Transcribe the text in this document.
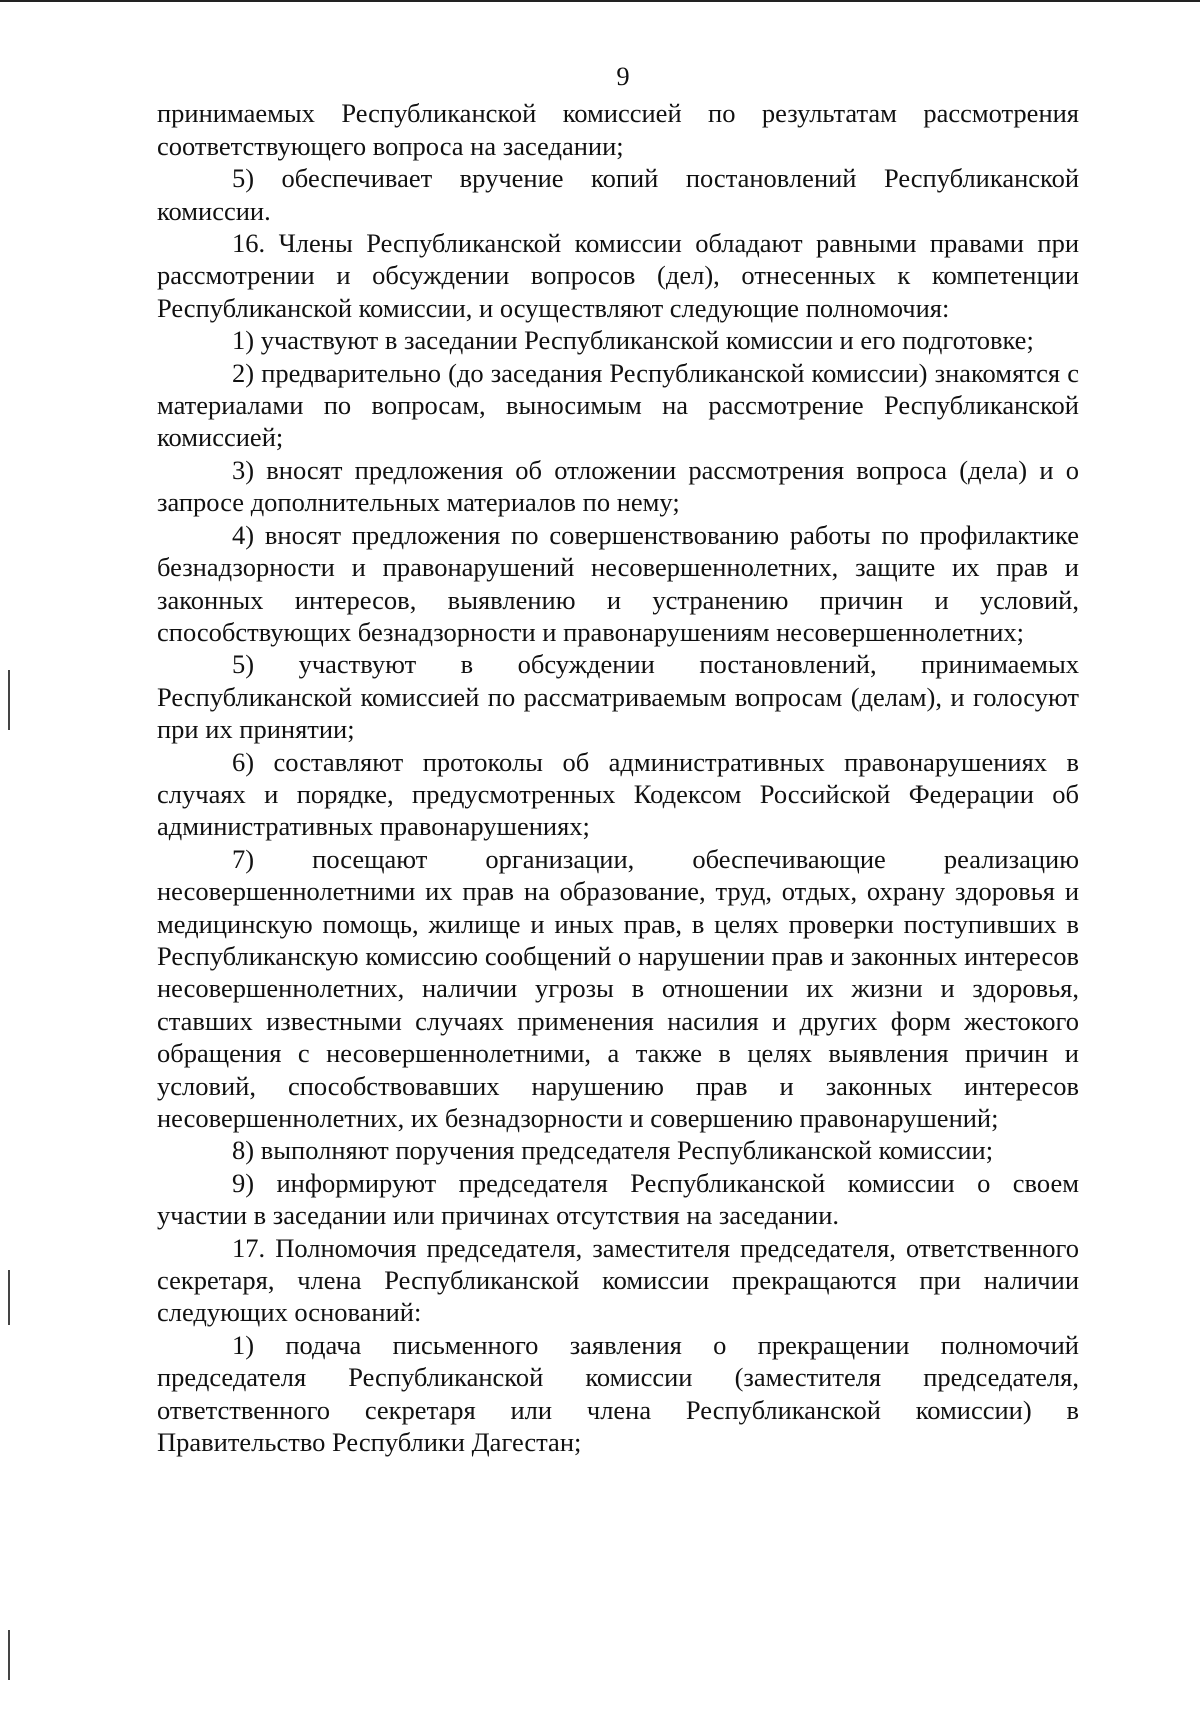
9

принимаемых Республиканской комиссией по результатам рассмотрения соответствующего вопроса на заседании;

5) обеспечивает вручение копий постановлений Республиканской комиссии.

16. Члены Республиканской комиссии обладают равными правами при рассмотрении и обсуждении вопросов (дел), отнесенных к компетенции Республиканской комиссии, и осуществляют следующие полномочия:

1) участвуют в заседании Республиканской комиссии и его подготовке;

2) предварительно (до заседания Республиканской комиссии) знакомятся с материалами по вопросам, выносимым на рассмотрение Республиканской комиссией;

3) вносят предложения об отложении рассмотрения вопроса (дела) и о запросе дополнительных материалов по нему;

4) вносят предложения по совершенствованию работы по профилактике безнадзорности и правонарушений несовершеннолетних, защите их прав и законных интересов, выявлению и устранению причин и условий, способствующих безнадзорности и правонарушениям несовершеннолетних;

5) участвуют в обсуждении постановлений, принимаемых Республиканской комиссией по рассматриваемым вопросам (делам), и голосуют при их принятии;

6) составляют протоколы об административных правонарушениях в случаях и порядке, предусмотренных Кодексом Российской Федерации об административных правонарушениях;

7) посещают организации, обеспечивающие реализацию несовершеннолетними их прав на образование, труд, отдых, охрану здоровья и медицинскую помощь, жилище и иных прав, в целях проверки поступивших в Республиканскую комиссию сообщений о нарушении прав и законных интересов несовершеннолетних, наличии угрозы в отношении их жизни и здоровья, ставших известными случаях применения насилия и других форм жестокого обращения с несовершеннолетними, а также в целях выявления причин и условий, способствовавших нарушению прав и законных интересов несовершеннолетних, их безнадзорности и совершению правонарушений;

8) выполняют поручения председателя Республиканской комиссии;

9) информируют председателя Республиканской комиссии о своем участии в заседании или причинах отсутствия на заседании.

17. Полномочия председателя, заместителя председателя, ответственного секретаря, члена Республиканской комиссии прекращаются при наличии следующих оснований:

1) подача письменного заявления о прекращении полномочий председателя Республиканской комиссии (заместителя председателя, ответственного секретаря или члена Республиканской комиссии) в Правительство Республики Дагестан;
